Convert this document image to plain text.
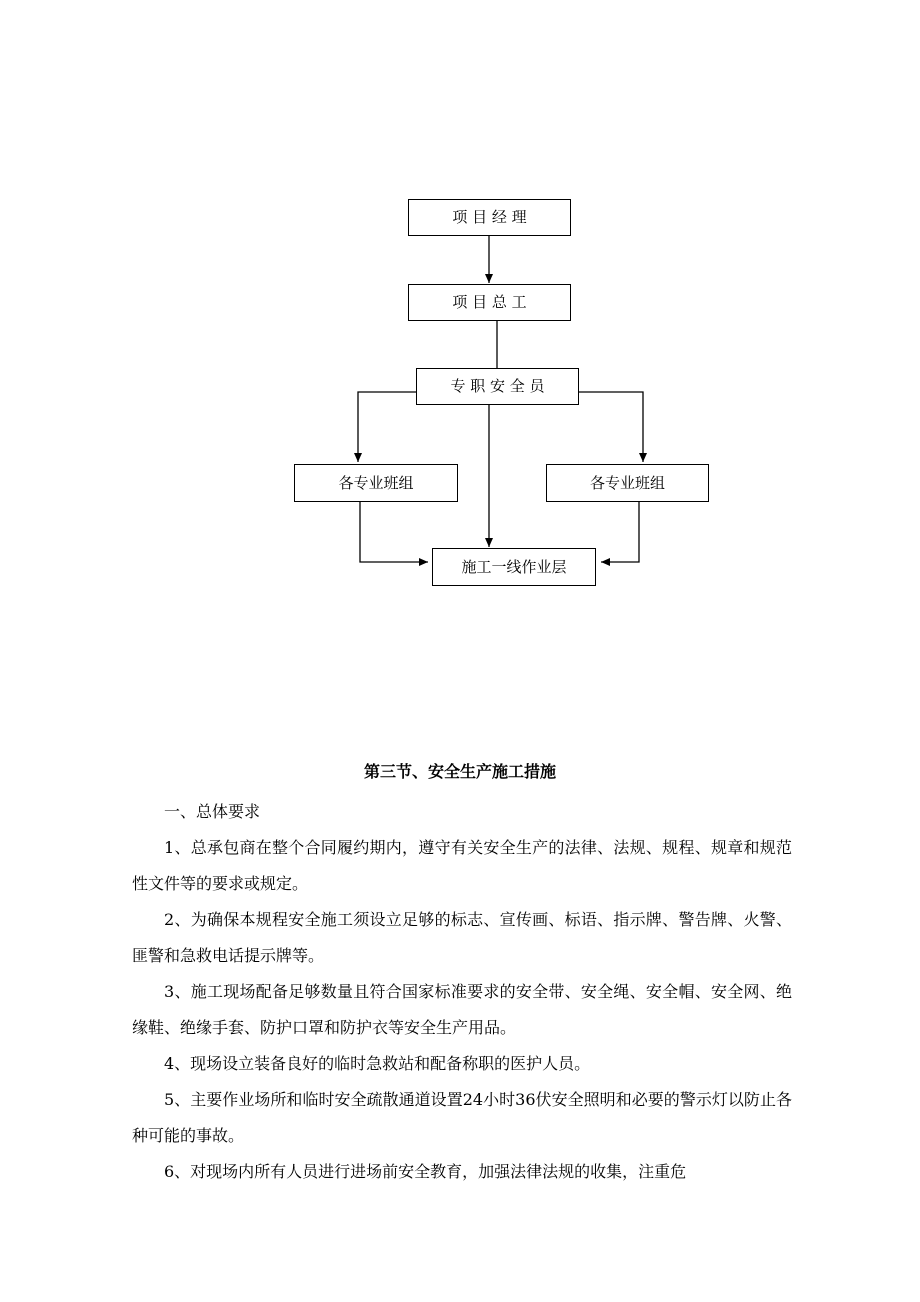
项 目 经 理
项 目 总 工
专 职 安 全 员
各专业班组	各专业班组
施工一线作业层
第三节、安全生产施工措施

一、总体要求

1、总承包商在整个合同履约期内，遵守有关安全生产的法律、法规、规程、规章和规范性文件等的要求或规定。

2、为确保本规程安全施工须设立足够的标志、宣传画、标语、指示牌、警告牌、火警、匪警和急救电话提示牌等。

3、施工现场配备足够数量且符合国家标准要求的安全带、安全绳、安全帽、安全网、绝缘鞋、绝缘手套、防护口罩和防护衣等安全生产用品。

4、现场设立装备良好的临时急救站和配备称职的医护人员。

5、主要作业场所和临时安全疏散通道设置24小时36伏安全照明和必要的警示灯以防止各种可能的事故。

6、对现场内所有人员进行进场前安全教育，加强法律法规的收集，注重危
